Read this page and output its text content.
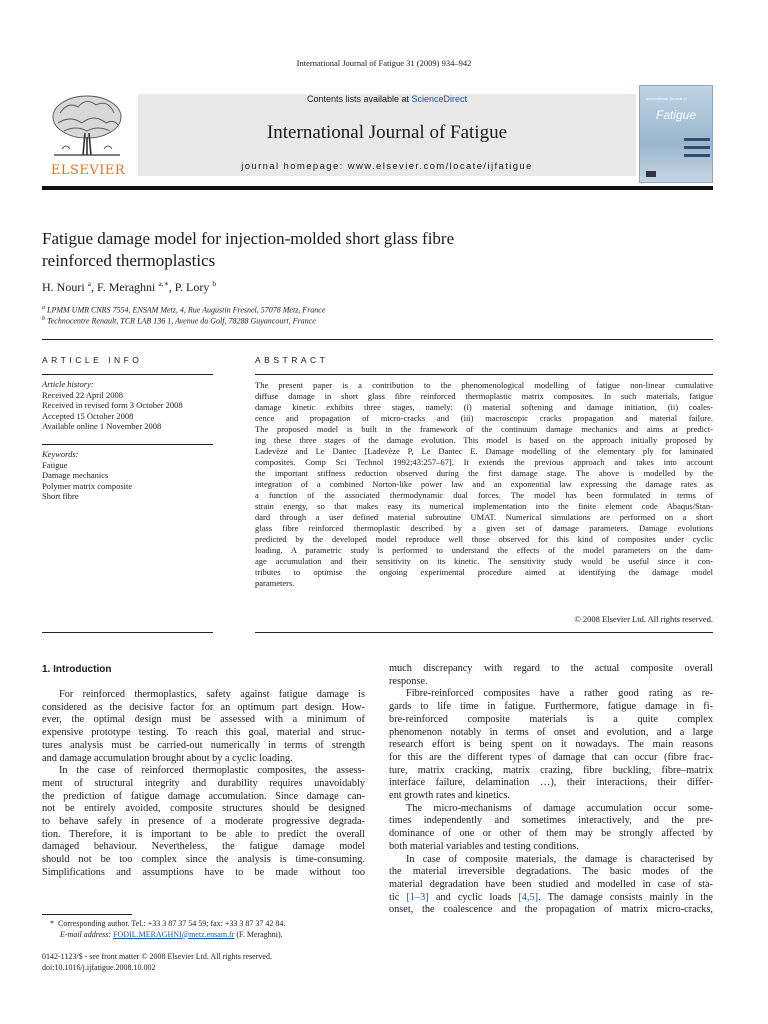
International Journal of Fatigue 31 (2009) 934–942
ELSEVIER
Contents lists available at ScienceDirect
International Journal of Fatigue
journal homepage: www.elsevier.com/locate/ijfatigue
International Journal of
Fatigue
Fatigue damage model for injection-molded short glass fibre
reinforced thermoplastics
H. Nouri $^a$, F. Meraghni $^{a,∗}$, P. Lory $^b$
$^a$ LPMM UMR CNRS 7554, ENSAM Metz, 4, Rue Augustin Fresnel, 57078 Metz, France
$^b$ Technocentre Renault, TCR LAB 136 1, Avenue du Golf, 78288 Guyancourt, France
ARTICLE INFO
Article history:
Received 22 April 2008
Received in revised form 3 October 2008
Accepted 15 October 2008
Available online 1 November 2008
Keywords:
Fatigue
Damage mechanics
Polymer matrix composite
Short fibre
ABSTRACT
The present paper is a contribution to the phenomenological modelling of fatigue non-linear cumulative
diffuse damage in short glass fibre reinforced thermoplastic matrix composites. In such materials, fatigue
damage kinetic exhibits three stages, namely: (i) material softening and damage initiation, (ii) coales-
cence and propagation of micro-cracks and (iii) macroscopic cracks propagation and material failure.
The proposed model is built in the framework of the continuum damage mechanics and aims at predict-
ing these three stages of the damage evolution. This model is based on the approach initially proposed by
Ladevèze and Le Dantec [Ladevèze P, Le Dantec E. Damage modelling of the elementary ply for laminated
composites. Comp Sci Technol 1992;43:257–67]. It extends the previous approach and takes into account
the important stiffness reduction observed during the first damage stage. The above is modelled by the
integration of a combined Norton-like power law and an exponential law expressing the damage rates as
a function of the associated thermodynamic dual forces. The model has been formulated in terms of
strain energy, so that makes easy its numerical implementation into the finite element code Abaqus/Stan-
dard through a user defined material subroutine UMAT. Numerical simulations are performed on a short
glass fibre reinforced thermoplastic described by a given set of damage parameters. Damage evolutions
predicted by the developed model reproduce well those observed for this kind of composites under cyclic
loading. A parametric study is performed to understand the effects of the model parameters on the dam-
age accumulation and their sensitivity on its kinetic. The sensitivity study would be useful since it con-
tributes to optimise the ongoing experimental procedure aimed at identifying the damage model
parameters.
© 2008 Elsevier Ltd. All rights reserved.
1. Introduction
For reinforced thermoplastics, safety against fatigue damage is
considered as the decisive factor for an optimum part design. How-
ever, the optimal design must be assessed with a minimum of
expensive prototype testing. To reach this goal, material and struc-
tures analysis must be carried-out numerically in terms of strength
and damage accumulation brought about by a cyclic loading.
In the case of reinforced thermoplastic composites, the assess-
ment of structural integrity and durability requires unavoidably
the prediction of fatigue damage accumulation. Since damage can-
not be entirely avoided, composite structures should be designed
to behave safely in presence of a moderate progressive degrada-
tion. Therefore, it is important to be able to predict the overall
damaged behaviour. Nevertheless, the fatigue damage model
should not be too complex since the analysis is time-consuming.
Simplifications and assumptions have to be made without too
much discrepancy with regard to the actual composite overall
response.
Fibre-reinforced composites have a rather good rating as re-
gards to life time in fatigue. Furthermore, fatigue damage in fi-
bre-reinforced composite materials is a quite complex
phenomenon notably in terms of onset and evolution, and a large
research effort is being spent on it nowadays. The main reasons
for this are the different types of damage that can occur (fibre frac-
ture, matrix cracking, matrix crazing, fibre buckling, fibre–matrix
interface failure, delamination …), their interactions, their differ-
ent growth rates and kinetics.
The micro-mechanisms of damage accumulation occur some-
times independently and sometimes interactively, and the pre-
dominance of one or other of them may be strongly affected by
both material variables and testing conditions.
In case of composite materials, the damage is characterised by
the material irreversible degradations. The basic modes of the
material degradation have been studied and modelled in case of sta-
tic [1–3] and cyclic loads [4,5]. The damage consists mainly in the
onset, the coalescence and the propagation of matrix micro-cracks,
* Corresponding author. Tel.: +33 3 87 37 54 59; fax: +33 3 87 37 42 84.
E-mail address: FODIL.MERAGHNI@metz.ensam.fr (F. Meraghni).
0142-1123/$ - see front matter © 2008 Elsevier Ltd. All rights reserved.
doi:10.1016/j.ijfatigue.2008.10.002
